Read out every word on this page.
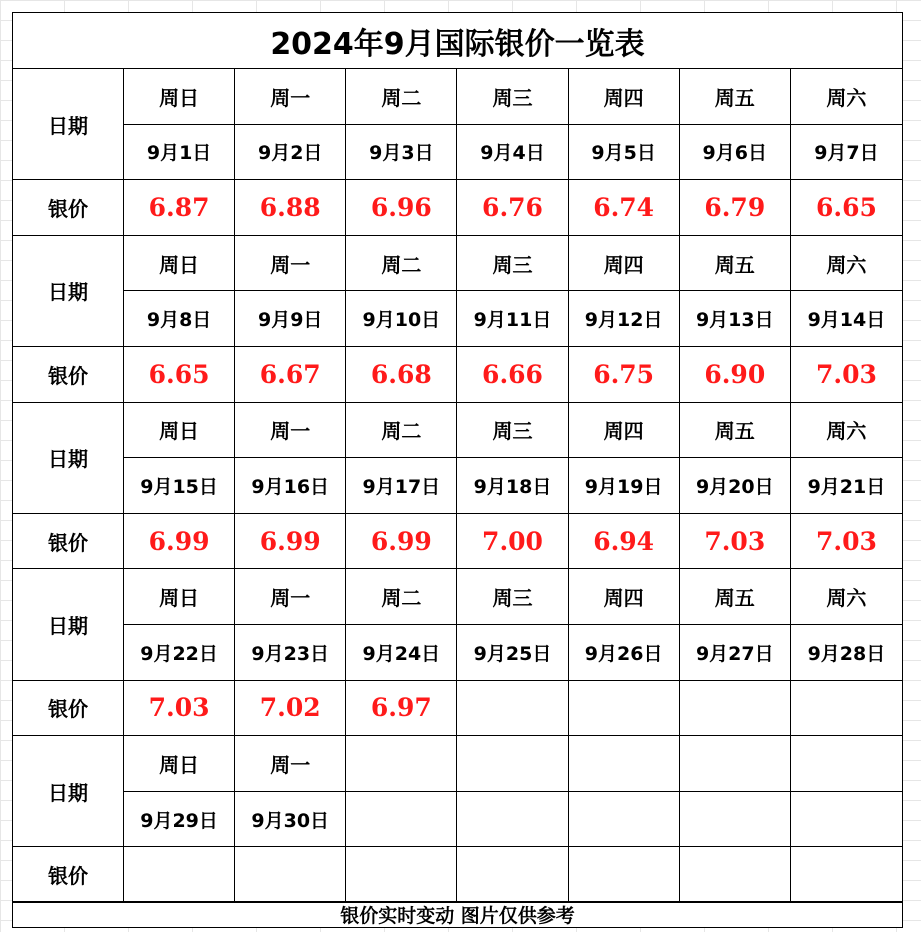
2024年9月国际银价一览表
日期
周日	周一	周二	周三	周四	周五	周六
9月1日	9月2日	9月3日	9月4日	9月5日	9月6日	9月7日
银价	6.87	6.88	6.96	6.76	6.74	6.79	6.65
日期
周日	周一	周二	周三	周四	周五	周六
9月8日	9月9日	9月10日	9月11日	9月12日	9月13日	9月14日
银价	6.65	6.67	6.68	6.66	6.75	6.90	7.03
日期
周日	周一	周二	周三	周四	周五	周六
9月15日	9月16日	9月17日	9月18日	9月19日	9月20日	9月21日
银价	6.99	6.99	6.99	7.00	6.94	7.03	7.03
日期
周日	周一	周二	周三	周四	周五	周六
9月22日	9月23日	9月24日	9月25日	9月26日	9月27日	9月28日
银价	7.03	7.02	6.97
日期
周日	周一
9月29日	9月30日
银价
银价实时变动 图片仅供参考
